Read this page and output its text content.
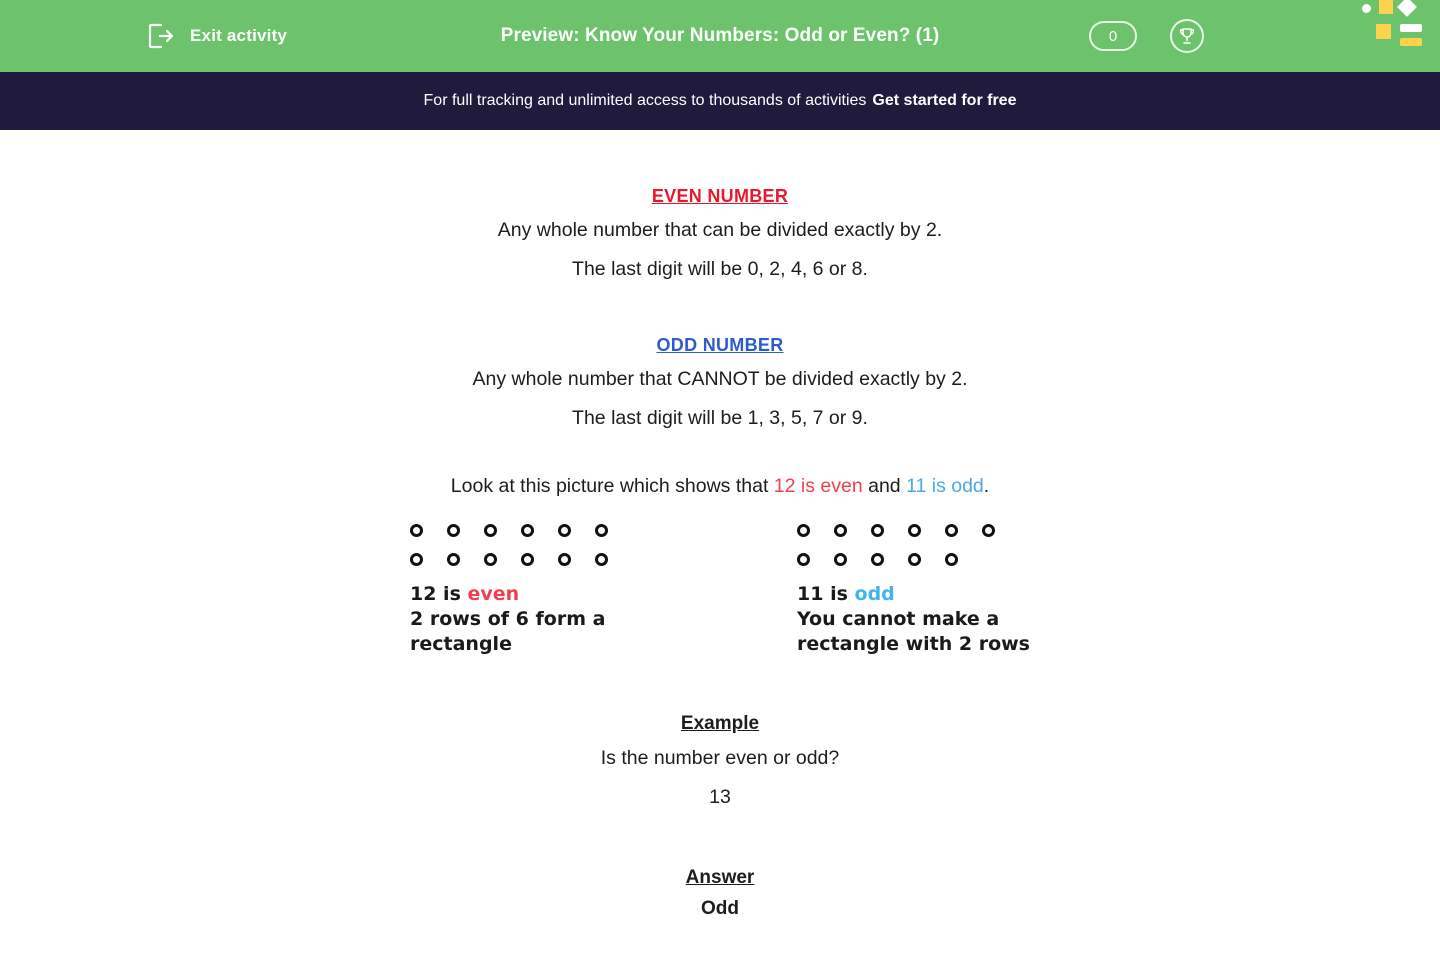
Exit activity	Preview: Know Your Numbers: Odd or Even? (1)	0
For full tracking and unlimited access to thousands of activities Get started for free
EVEN NUMBER
Any whole number that can be divided exactly by 2.
The last digit will be 0, 2, 4, 6 or 8.
ODD NUMBER
Any whole number that CANNOT be divided exactly by 2.
The last digit will be 1, 3, 5, 7 or 9.
Look at this picture which shows that 12 is even and 11 is odd.
12 is even
2 rows of 6 form a
rectangle
11 is odd
You cannot make a
rectangle with 2 rows
Example
Is the number even or odd?
13
Answer
Odd
